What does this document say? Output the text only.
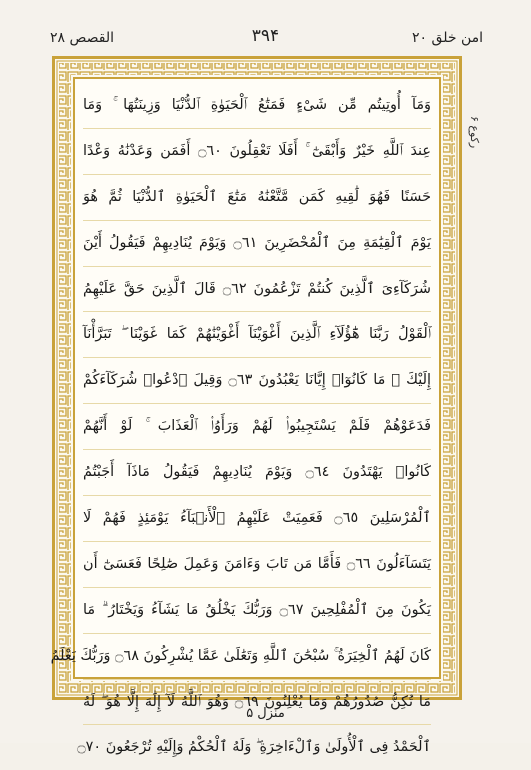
القصص ۲۸	۳۹۴	امن خلق ۲۰
وَمَآ أُوتِيتُم مِّن شَىْءٍ فَمَتَٰعُ ٱلْحَيَوٰةِ ٱلدُّنْيَا وَزِينَتُهَا ۚ وَمَا
عِندَ ٱللَّهِ خَيْرٌ وَأَبْقَىٰٓ ۚ أَفَلَا تَعْقِلُونَ ۝٦٠ أَفَمَن وَعَدْنَٰهُ وَعْدًا
حَسَنًا فَهُوَ لَٰقِيهِ كَمَن مَّتَّعْنَٰهُ مَتَٰعَ ٱلْحَيَوٰةِ ٱلدُّنْيَا ثُمَّ هُوَ
يَوْمَ ٱلْقِيَٰمَةِ مِنَ ٱلْمُحْضَرِينَ ۝٦١ وَيَوْمَ يُنَادِيهِمْ فَيَقُولُ أَيْنَ
شُرَكَآءِىَ ٱلَّذِينَ كُنتُمْ تَزْعُمُونَ ۝٦٢ قَالَ ٱلَّذِينَ حَقَّ عَلَيْهِمُ
ٱلْقَوْلُ رَبَّنَا هَٰٓؤُلَآءِ ٱلَّذِينَ أَغْوَيْنَآ أَغْوَيْنَٰهُمْ كَمَا غَوَيْنَا ۖ تَبَرَّأْنَآ
إِلَيْكَ ۖ مَا كَانُوٓا۟ إِيَّانَا يَعْبُدُونَ ۝٦٣ وَقِيلَ ٱدْعُوا۟ شُرَكَآءَكُمْ
فَدَعَوْهُمْ فَلَمْ يَسْتَجِيبُوا۟ لَهُمْ وَرَأَوُا۟ ٱلْعَذَابَ ۚ لَوْ أَنَّهُمْ
كَانُوا۟ يَهْتَدُونَ ۝٦٤ وَيَوْمَ يُنَادِيهِمْ فَيَقُولُ مَاذَآ أَجَبْتُمُ
ٱلْمُرْسَلِينَ ۝٦٥ فَعَمِيَتْ عَلَيْهِمُ ٱلْأَنۢبَآءُ يَوْمَئِذٍ فَهُمْ لَا
يَتَسَآءَلُونَ ۝٦٦ فَأَمَّا مَن تَابَ وَءَامَنَ وَعَمِلَ صَٰلِحًا فَعَسَىٰٓ أَن
يَكُونَ مِنَ ٱلْمُفْلِحِينَ ۝٦٧ وَرَبُّكَ يَخْلُقُ مَا يَشَآءُ وَيَخْتَارُ ۗ مَا
كَانَ لَهُمُ ٱلْخِيَرَةُ ۚ سُبْحَٰنَ ٱللَّهِ وَتَعَٰلَىٰ عَمَّا يُشْرِكُونَ ۝٦٨ وَرَبُّكَ يَعْلَمُ
مَا تُكِنُّ صُدُورُهُمْ وَمَا يُعْلِنُونَ ۝٦٩ وَهُوَ ٱللَّهُ لَآ إِلَٰهَ إِلَّا هُوَ ۖ لَهُ
ٱلْحَمْدُ فِى ٱلْأُولَىٰ وَٱلْءَاخِرَةِ ۖ وَلَهُ ٱلْحُكْمُ وَإِلَيْهِ تُرْجَعُونَ ۝٧٠
رکوع ۶
منزل ۵
